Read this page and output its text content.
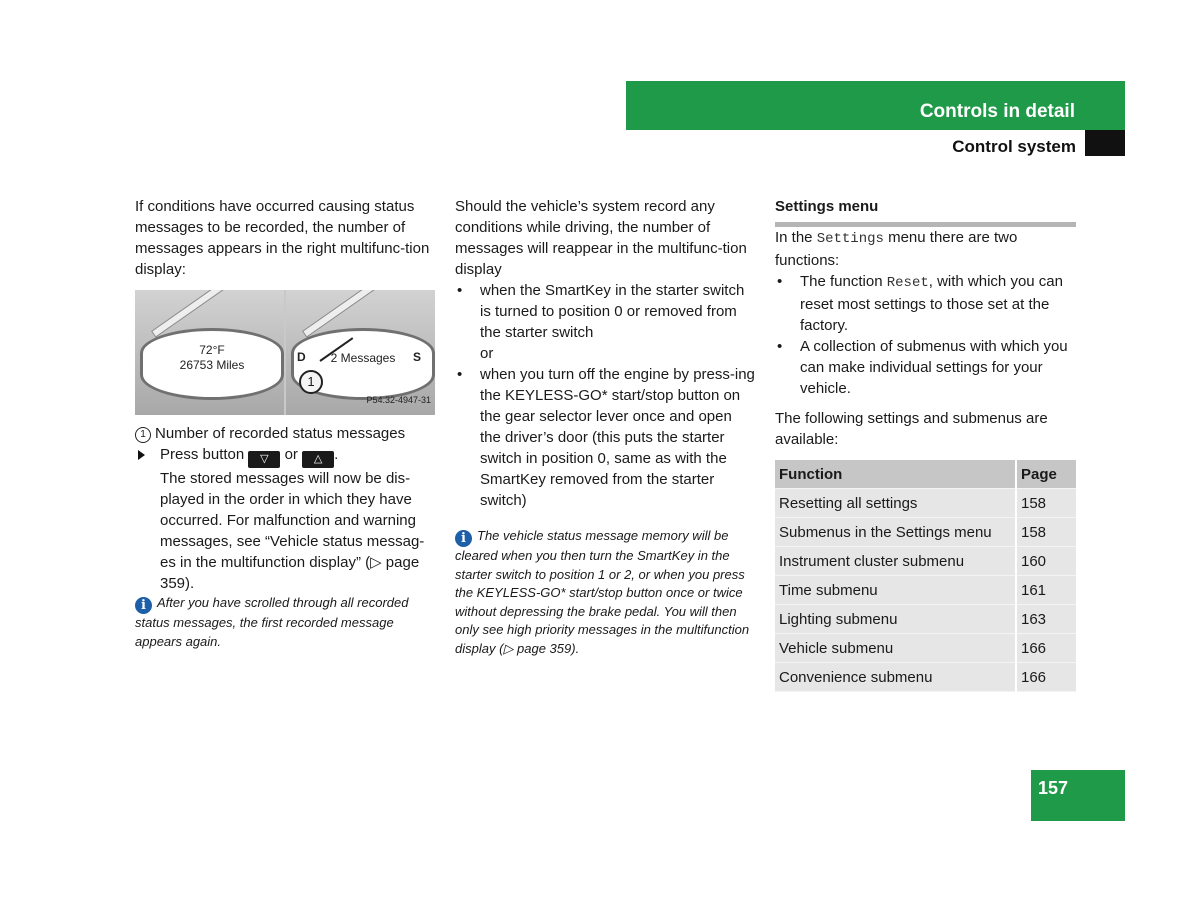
Controls in detail
Control system

If conditions have occurred causing status messages to be recorded, the number of messages appears in the right multifunc-tion display:

72°F
26753 Miles	2 Messages
D	S
1
P54.32-4947-31

1 Number of recorded status messages

Press button ▽ or △ .

The stored messages will now be dis-played in the order in which they have occurred. For malfunction and warning messages, see “Vehicle status messag-es in the multifunction display” (▷ page 359).

i After you have scrolled through all recorded status messages, the first recorded message appears again.

Should the vehicle’s system record any conditions while driving, the number of messages will reappear in the multifunc-tion display

• when the SmartKey in the starter switch is turned to position 0 or removed from the starter switch

or

• when you turn off the engine by press-ing the KEYLESS-GO* start/stop button on the gear selector lever once and open the driver’s door (this puts the starter switch in position 0, same as with the SmartKey removed from the starter switch)

i The vehicle status message memory will be cleared when you then turn the SmartKey in the starter switch to position 1 or 2, or when you press the KEYLESS-GO* start/stop button once or twice without depressing the brake pedal. You will then only see high priority messages in the multifunction display (▷ page 359).

Settings menu

In the Settings menu there are two functions:

• The function Reset, with which you can reset most settings to those set at the factory.

• A collection of submenus with which you can make individual settings for your vehicle.

The following settings and submenus are available:

Function	Page
Resetting all settings	158
Submenus in the Settings menu	158
Instrument cluster submenu	160
Time submenu	161
Lighting submenu	163
Vehicle submenu	166
Convenience submenu	166
157
